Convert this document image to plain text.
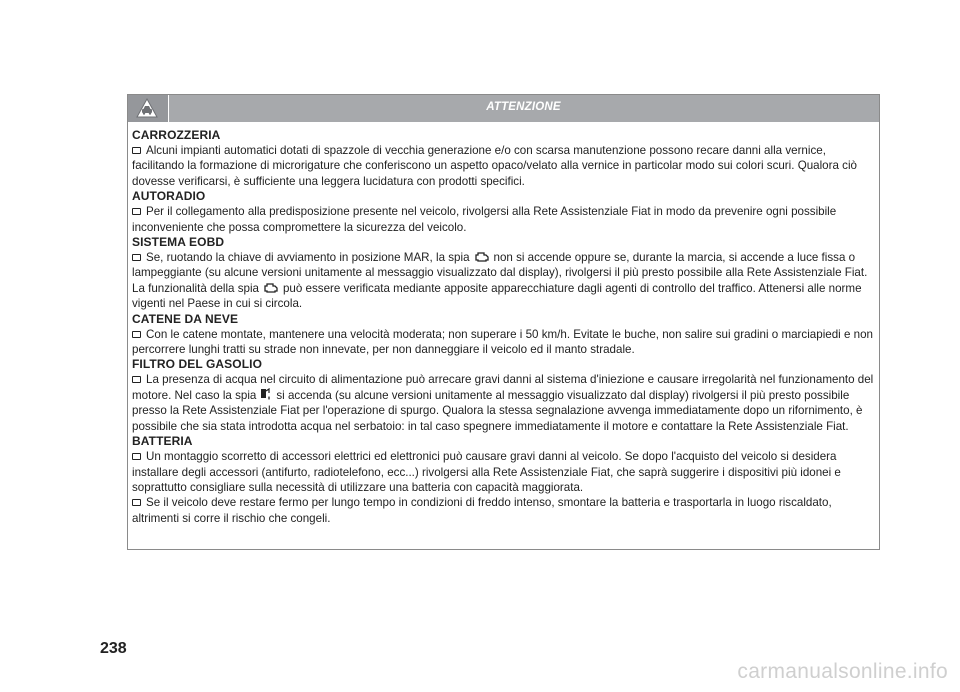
ATTENZIONE
CARROZZERIA

Alcuni impianti automatici dotati di spazzole di vecchia generazione e/o con scarsa manutenzione possono recare danni alla vernice, facilitando la formazione di microrigature che conferiscono un aspetto opaco/velato alla vernice in particolar modo sui colori scuri. Qualora ciò dovesse verificarsi, è sufficiente una leggera lucidatura con prodotti specifici.

AUTORADIO

Per il collegamento alla predisposizione presente nel veicolo, rivolgersi alla Rete Assistenziale Fiat in modo da prevenire ogni possibile inconveniente che possa compromettere la sicurezza del veicolo.

SISTEMA EOBD

Se, ruotando la chiave di avviamento in posizione MAR, la spia non si accende oppure se, durante la marcia, si accende a luce fissa o lampeggiante (su alcune versioni unitamente al messaggio visualizzato dal display), rivolgersi il più presto possibile alla Rete Assistenziale Fiat. La funzionalità della spia può essere verificata mediante apposite apparecchiature dagli agenti di controllo del traffico. Attenersi alle norme vigenti nel Paese in cui si circola.

CATENE DA NEVE

Con le catene montate, mantenere una velocità moderata; non superare i 50 km/h. Evitate le buche, non salire sui gradini o marciapiedi e non percorrere lunghi tratti su strade non innevate, per non danneggiare il veicolo ed il manto stradale.

FILTRO DEL GASOLIO

La presenza di acqua nel circuito di alimentazione può arrecare gravi danni al sistema d'iniezione e causare irregolarità nel funzionamento del motore. Nel caso la spia si accenda (su alcune versioni unitamente al messaggio visualizzato dal display) rivolgersi il più presto possibile presso la Rete Assistenziale Fiat per l'operazione di spurgo. Qualora la stessa segnalazione avvenga immediatamente dopo un rifornimento, è possibile che sia stata introdotta acqua nel serbatoio: in tal caso spegnere immediatamente il motore e contattare la Rete Assistenziale Fiat.

BATTERIA

Un montaggio scorretto di accessori elettrici ed elettronici può causare gravi danni al veicolo. Se dopo l'acquisto del veicolo si desidera installare degli accessori (antifurto, radiotelefono, ecc...) rivolgersi alla Rete Assistenziale Fiat, che saprà suggerire i dispositivi più idonei e soprattutto consigliare sulla necessità di utilizzare una batteria con capacità maggiorata.

Se il veicolo deve restare fermo per lungo tempo in condizioni di freddo intenso, smontare la batteria e trasportarla in luogo riscaldato, altrimenti si corre il rischio che congeli.

238
carmanualsonline.info
